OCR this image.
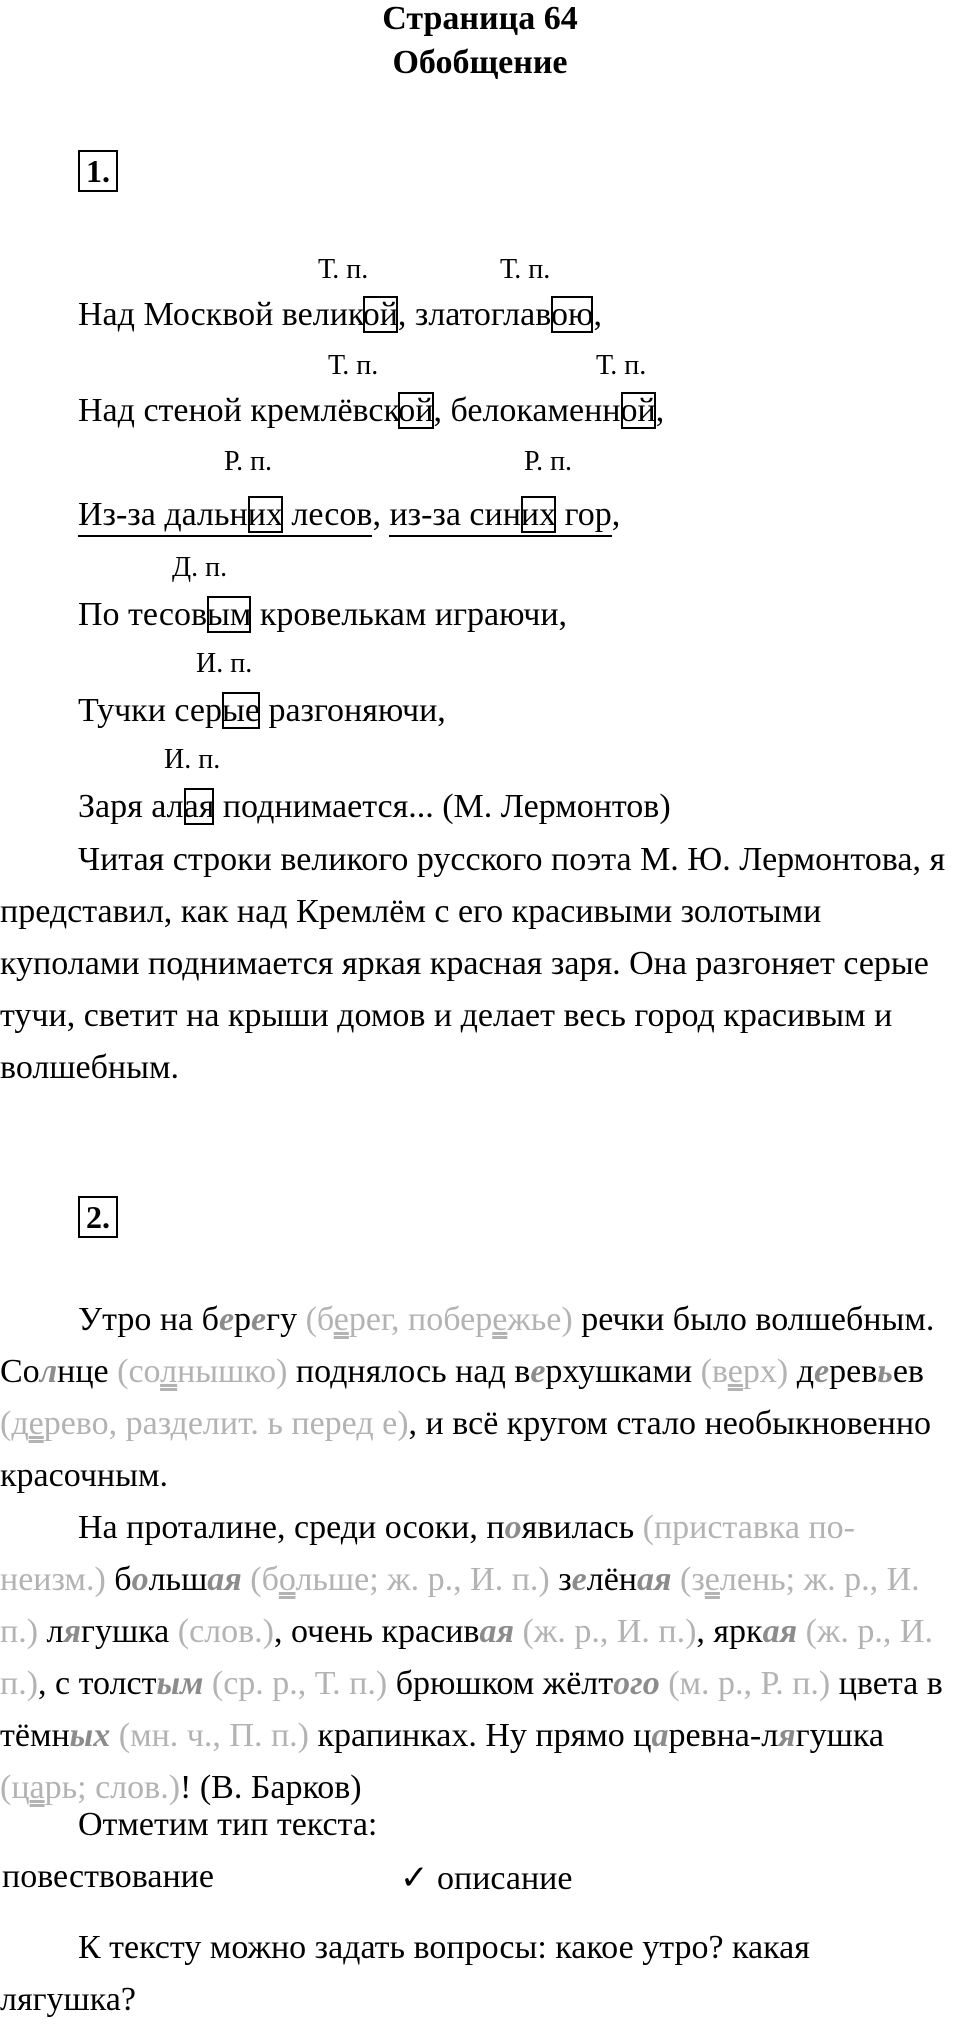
Страница 64
Обобщение
1.
Т. п.	Т. п.
Над Москвой великой, златоглавою,
Т. п.	Т. п.
Над стеной кремлёвской, белокаменной,
Р. п.	Р. п.
Из-за дальних лесов, из-за синих гор,
Д. п.
По тесовым кровелькам играючи,
И. п.
Тучки серые разгоняючи,
И. п.
Заря алая поднимается... (М. Лермонтов)
Читая строки великого русского поэта М. Ю. Лермонтова, я представил, как над Кремлём с его красивыми золотыми куполами поднимается яркая красная заря. Она разгоняет серые тучи, светит на крыши домов и делает весь город красивым и волшебным.
2.
Утро на берегу (берег, побережье) речки было волшебным. Солнце (солнышко) поднялось над верхушками (верх) деревьев (дерево, разделит. ь перед е), и всё кругом стало необыкновенно красочным.
На проталине, среди осоки, появилась (приставка по-неизм.) большая (больше; ж. р., И. п.) зелёная (зелень; ж. р., И. п.) лягушка (слов.), очень красивая (ж. р., И. п.), яркая (ж. р., И. п.), с толстым (ср. р., Т. п.) брюшком жёлтого (м. р., Р. п.) цвета в тёмных (мн. ч., П. п.) крапинках. Ну прямо царевна-лягушка (царь; слов.)! (В. Барков)
Отметим тип текста:
повествование	✓ описание
К тексту можно задать вопросы: какое утро? какая лягушка?
